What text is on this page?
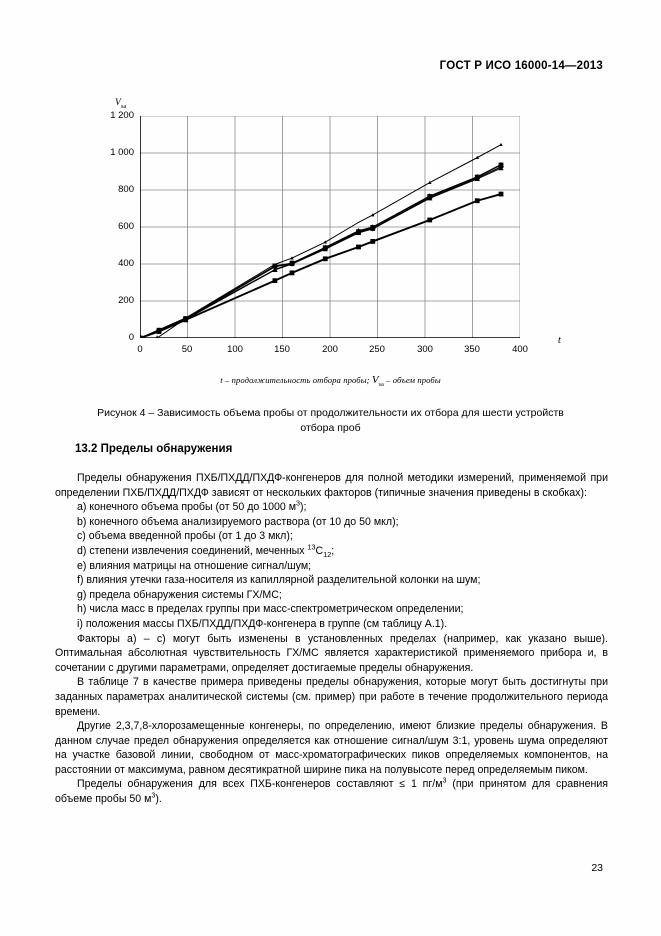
ГОСТ Р ИСО 16000-14—2013
$V_{sa}$
t
1 200
1 000
800
600
400
200
0
0	50	100	150	200	250	300	350	400
t – продолжительность отбора пробы; $V_{sa}$ – объем пробы
Рисунок 4 – Зависимость объема пробы от продолжительности их отбора для шести устройств
отбора проб
13.2 Пределы обнаружения

Пределы обнаружения ПХБ/ПХДД/ПХДФ-конгенеров для полной методики измерений, применяемой при определении ПХБ/ПХДД/ПХДФ зависят от нескольких факторов (типичные значения приведены в скобках):

a) конечного объема пробы (от 50 до 1000 $м^3$);
b) конечного объема анализируемого раствора (от 10 до 50 мкл);
c) объема введенной пробы (от 1 до 3 мкл);
d) степени извлечения соединений, меченных $^{13}C_{12}$;
e) влияния матрицы на отношение сигнал/шум;
f) влияния утечки газа-носителя из капиллярной разделительной колонки на шум;
g) предела обнаружения системы ГХ/МС;
h) числа масс в пределах группы при масс-спектрометрическом определении;
i) положения массы ПХБ/ПХДД/ПХДФ-конгенера в группе (см таблицу А.1).

Факторы a) – c) могут быть изменены в установленных пределах (например, как указано выше). Оптимальная абсолютная чувствительность ГХ/МС является характеристикой применяемого прибора и, в сочетании с другими параметрами, определяет достигаемые пределы обнаружения.

В таблице 7 в качестве примера приведены пределы обнаружения, которые могут быть достигнуты при заданных параметрах аналитической системы (см. пример) при работе в течение продолжительного периода времени.

Другие 2,3,7,8-хлорозамещенные конгенеры, по определению, имеют близкие пределы обнаружения. В данном случае предел обнаружения определяется как отношение сигнал/шум 3:1, уровень шума определяют на участке базовой линии, свободном от масс-хроматографических пиков определяемых компонентов, на расстоянии от максимума, равном десятикратной ширине пика на полувысоте перед определяемым пиком.

Пределы обнаружения для всех ПХБ-конгенеров составляют ≤ 1 $пг/м^3$ (при принятом для сравнения объеме пробы 50 $м^3$).

23
